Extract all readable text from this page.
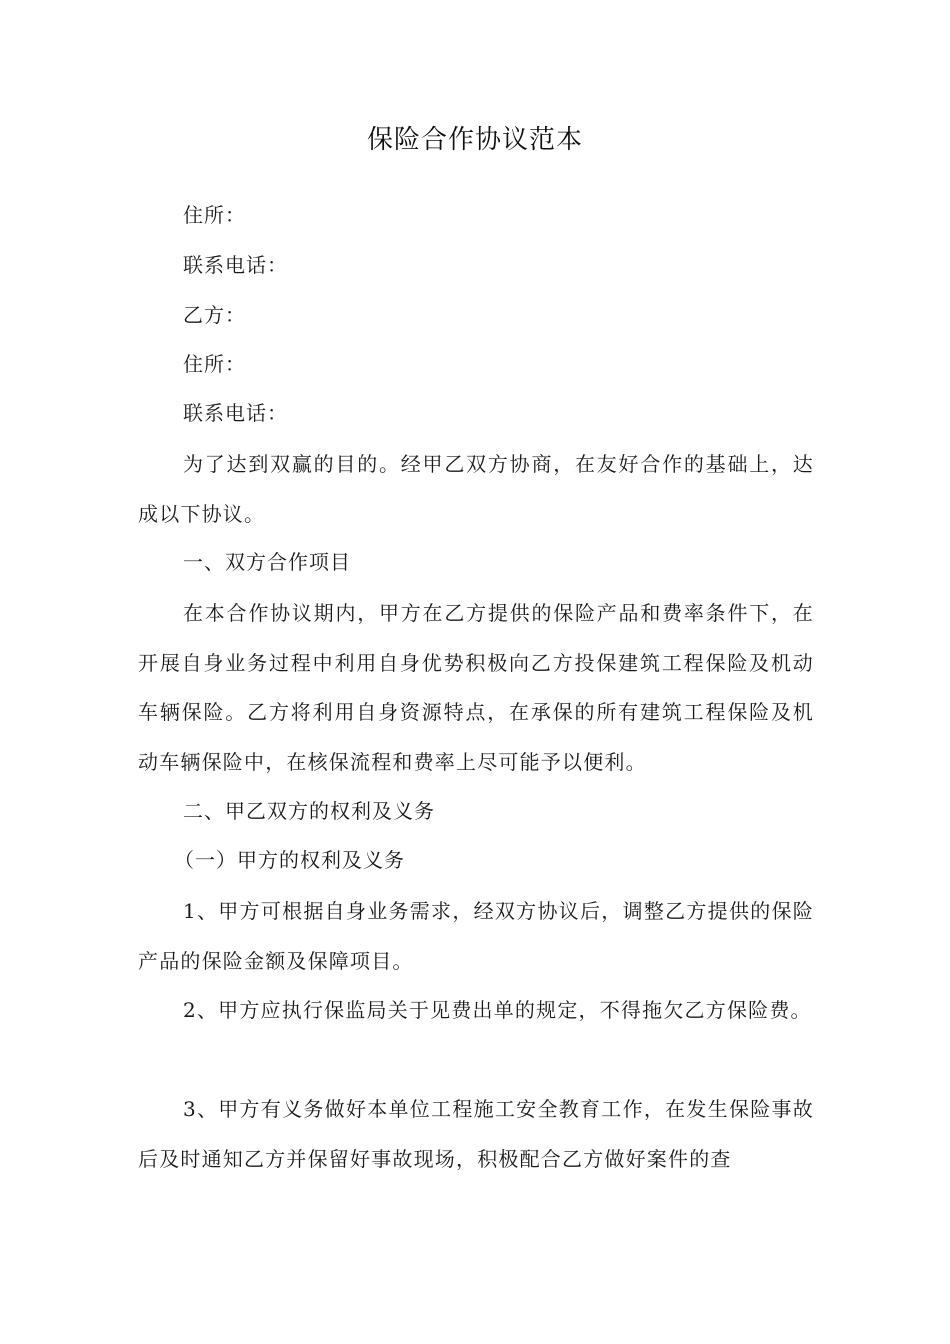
保险合作协议范本
住所：
联系电话：
乙方：
住所：
联系电话：
为了达到双赢的目的。经甲乙双方协商，在友好合作的基础上，达成以下协议。
一、双方合作项目
在本合作协议期内，甲方在乙方提供的保险产品和费率条件下，在开展自身业务过程中利用自身优势积极向乙方投保建筑工程保险及机动车辆保险。乙方将利用自身资源特点，在承保的所有建筑工程保险及机动车辆保险中，在核保流程和费率上尽可能予以便利。
二、甲乙双方的权利及义务
（一）甲方的权利及义务
1、甲方可根据自身业务需求，经双方协议后，调整乙方提供的保险产品的保险金额及保障项目。
2、甲方应执行保监局关于见费出单的规定，不得拖欠乙方保险费。
3、甲方有义务做好本单位工程施工安全教育工作，在发生保险事故后及时通知乙方并保留好事故现场，积极配合乙方做好案件的查
